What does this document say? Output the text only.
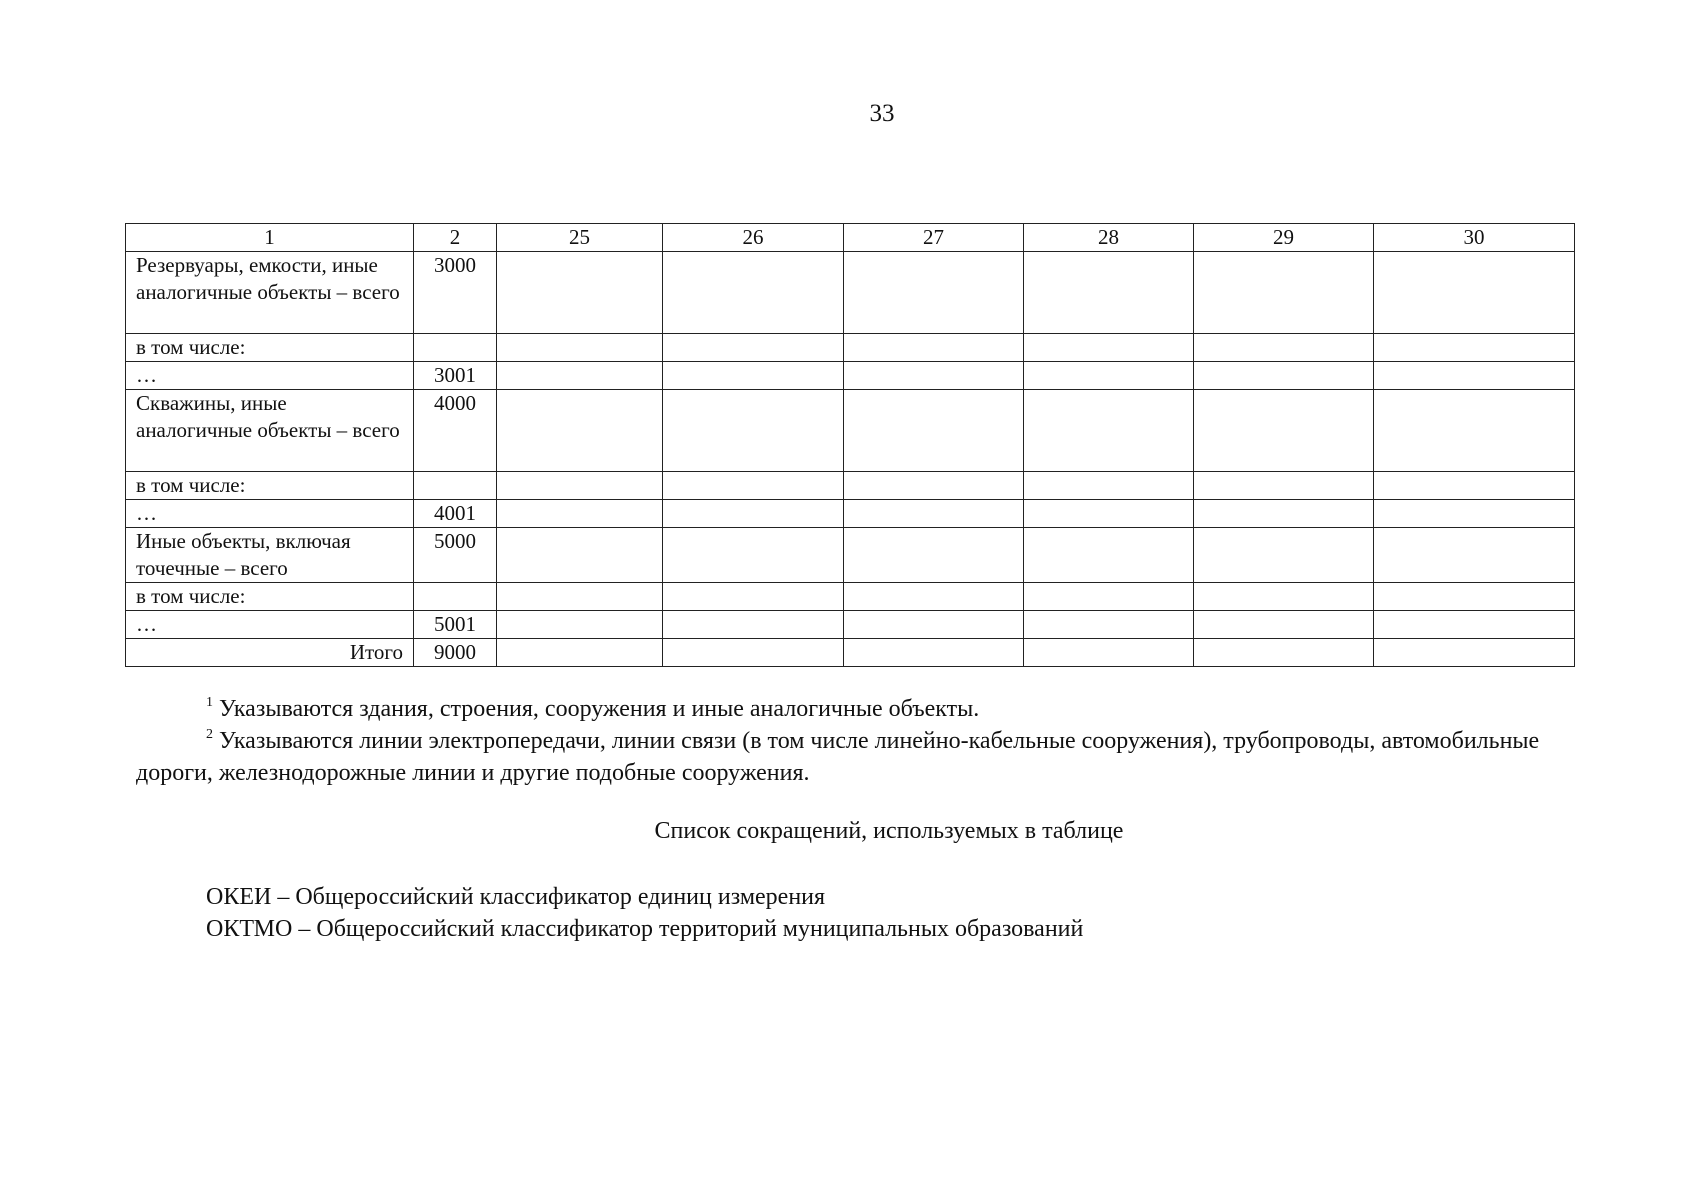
33
1	2	25	26	27	28	29	30
Резервуары, емкости, иные аналогичные объекты – всего	3000						
в том числе:							
…	3001						
Скважины, иные аналогичные объекты – всего	4000						
в том числе:							
…	4001						
Иные объекты, включая точечные – всего	5000						
в том числе:							
…	5001						
Итого	9000						

$^1$ Указываются здания, строения, сооружения и иные аналогичные объекты.

$^2$ Указываются линии электропередачи, линии связи (в том числе линейно-кабельные сооружения), трубопроводы, автомобильные дороги, железнодорожные линии и другие подобные сооружения.

Список сокращений, используемых в таблице

ОКЕИ – Общероссийский классификатор единиц измерения

ОКТМО – Общероссийский классификатор территорий муниципальных образований
